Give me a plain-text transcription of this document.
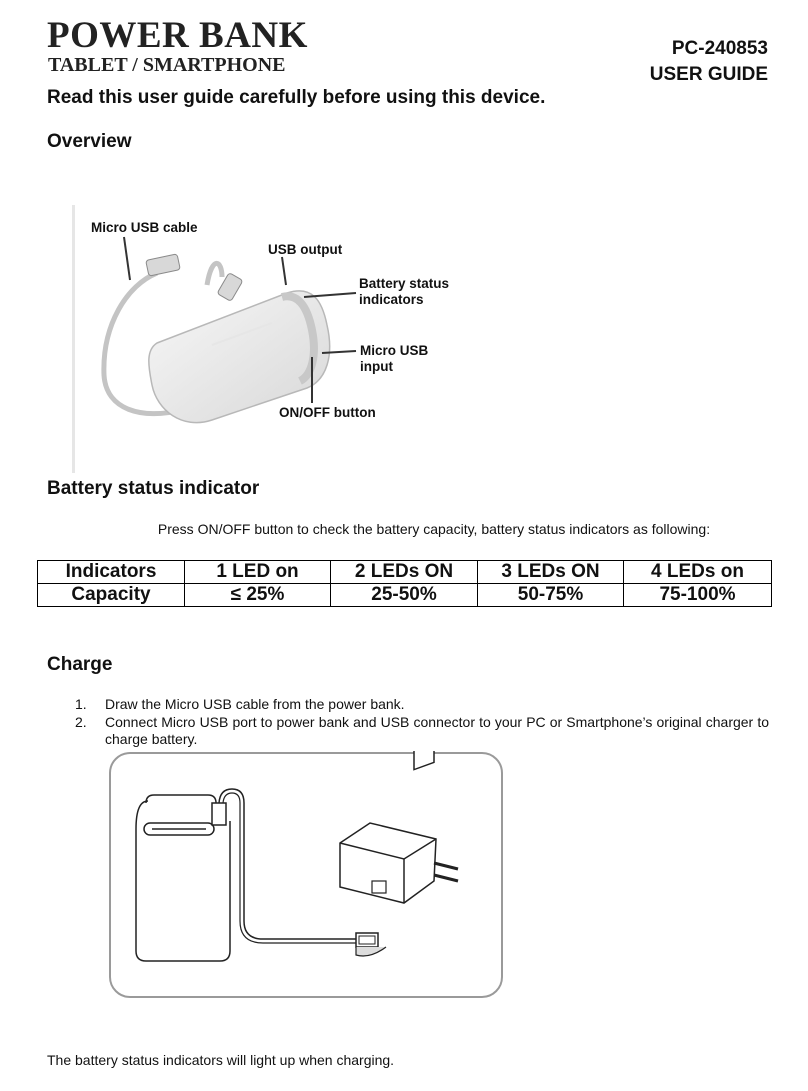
POWER BANK
TABLET / SMARTPHONE
PC-240853
USER GUIDE
Read this user guide carefully before using this device.
Overview
Micro USB cable
USB output
Battery status
indicators
Micro USB
input
ON/OFF button
Battery status indicator
Press ON/OFF button to check the battery capacity, battery status indicators as following:
Indicators	1 LED on	2 LEDs ON	3 LEDs ON	4 LEDs on
Capacity	≤ 25%	25-50%	50-75%	75-100%
Charge
1. Draw the Micro USB cable from the power bank.
2. Connect Micro USB port to power bank and USB connector to your PC or Smartphone’s original charger to charge battery.
The battery status indicators will light up when charging.
